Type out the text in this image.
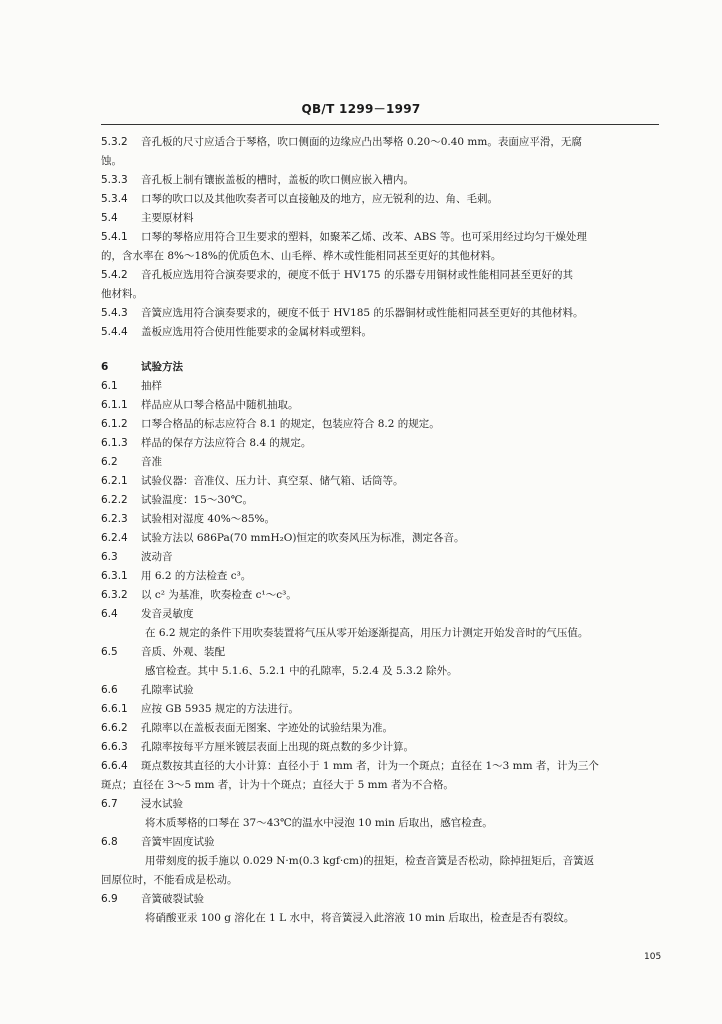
QB/T 1299－1997
5.3.2 音孔板的尺寸应适合于琴格，吹口侧面的边缘应凸出琴格 0.20～0.40 mm。表面应平滑，无腐
蚀。
5.3.3 音孔板上制有镶嵌盖板的槽时，盖板的吹口侧应嵌入槽内。
5.3.4 口琴的吹口以及其他吹奏者可以直接触及的地方，应无锐利的边、角、毛刺。
5.4 主要原材料
5.4.1 口琴的琴格应用符合卫生要求的塑料，如聚苯乙烯、改苯、ABS 等。也可采用经过均匀干燥处理
的，含水率在 8%～18%的优质色木、山毛榉、桦木或性能相同甚至更好的其他材料。
5.4.2 音孔板应选用符合演奏要求的，硬度不低于 HV175 的乐器专用铜材或性能相同甚至更好的其
他材料。
5.4.3 音簧应选用符合演奏要求的，硬度不低于 HV185 的乐器铜材或性能相同甚至更好的其他材料。
5.4.4 盖板应选用符合使用性能要求的金属材料或塑料。
6	试验方法
6.1 抽样
6.1.1 样品应从口琴合格品中随机抽取。
6.1.2 口琴合格品的标志应符合 8.1 的规定，包装应符合 8.2 的规定。
6.1.3 样品的保存方法应符合 8.4 的规定。
6.2 音准
6.2.1 试验仪器：音准仪、压力计、真空泵、储气箱、话筒等。
6.2.2 试验温度：15～30℃。
6.2.3 试验相对湿度 40%～85%。
6.2.4 试验方法以 686Pa(70 mmH₂O)恒定的吹奏风压为标准，测定各音。
6.3 波动音
6.3.1 用 6.2 的方法检查 c³。
6.3.2 以 c² 为基准，吹奏检查 c¹～c³。
6.4 发音灵敏度
在 6.2 规定的条件下用吹奏装置将气压从零开始逐渐提高，用压力计测定开始发音时的气压值。
6.5 音质、外观、装配
感官检查。其中 5.1.6、5.2.1 中的孔隙率，5.2.4 及 5.3.2 除外。
6.6 孔隙率试验
6.6.1 应按 GB 5935 规定的方法进行。
6.6.2 孔隙率以在盖板表面无图案、字迹处的试验结果为准。
6.6.3 孔隙率按每平方厘米镀层表面上出现的斑点数的多少计算。
6.6.4 斑点数按其直径的大小计算：直径小于 1 mm 者，计为一个斑点；直径在 1～3 mm 者，计为三个
斑点；直径在 3～5 mm 者，计为十个斑点；直径大于 5 mm 者为不合格。
6.7 浸水试验
将木质琴格的口琴在 37～43℃的温水中浸泡 10 min 后取出，感官检查。
6.8 音簧牢固度试验
用带刻度的扳手施以 0.029 N·m(0.3 kgf·cm)的扭矩，检查音簧是否松动，除掉扭矩后，音簧返
回原位时，不能看成是松动。
6.9 音簧破裂试验
将硝酸亚汞 100 g 溶化在 1 L 水中，将音簧浸入此溶液 10 min 后取出，检查是否有裂纹。
105
